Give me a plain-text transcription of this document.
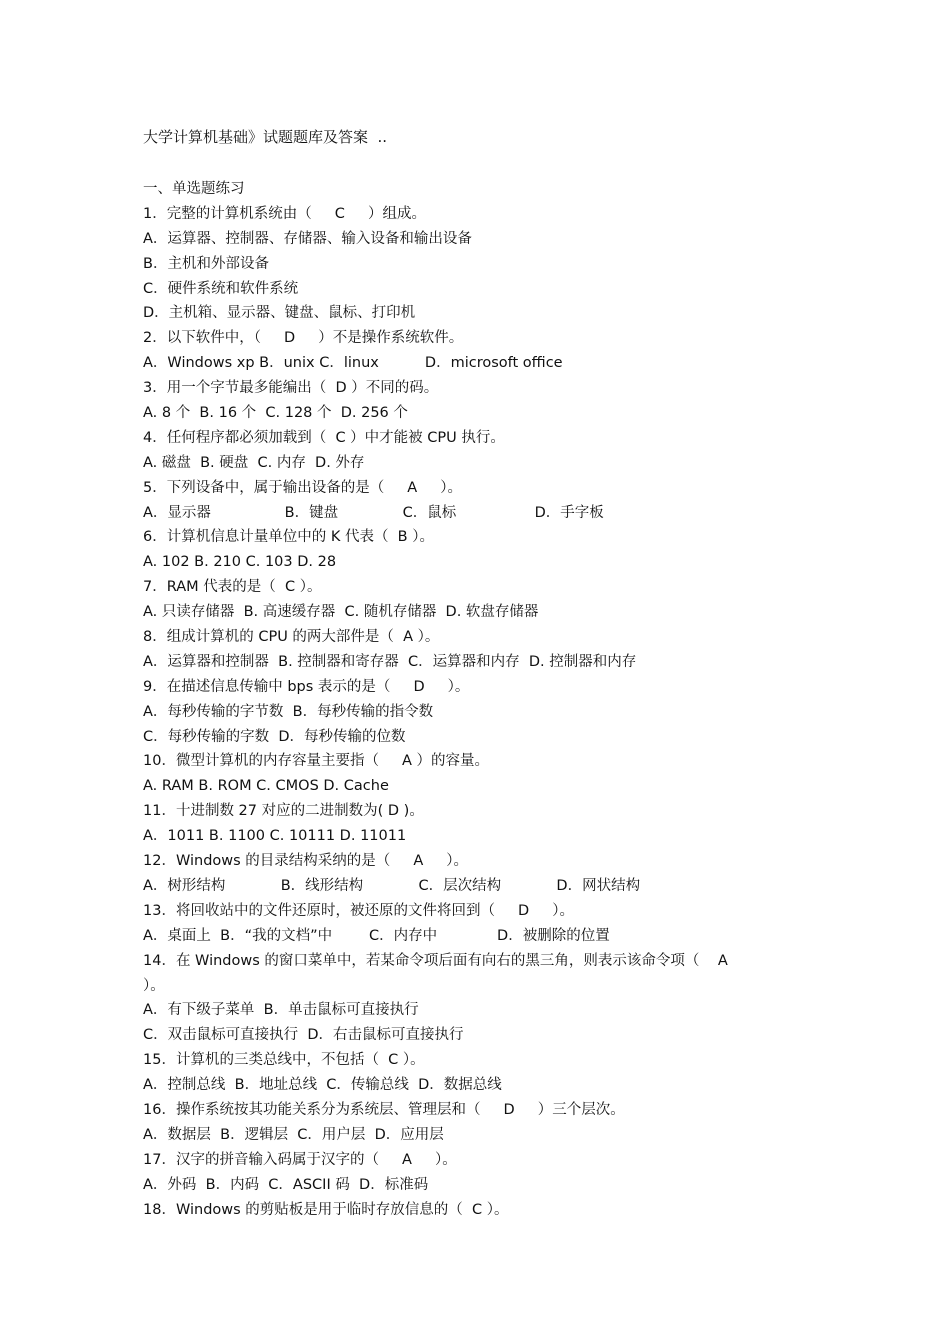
大学计算机基础》试题题库及答案  ..
一、单选题练习
1．完整的计算机系统由（     C     ）组成。
A．运算器、控制器、存储器、输入设备和输出设备
B．主机和外部设备
C．硬件系统和软件系统
D．主机箱、显示器、键盘、鼠标、打印机
2．以下软件中，（     D     ）不是操作系统软件。
A．Windows xp B．unix C．linux          D．microsoft office
3．用一个字节最多能编出（  D ）不同的码。
A. 8 个  B. 16 个  C. 128 个  D. 256 个
4．任何程序都必须加载到（  C ）中才能被 CPU 执行。
A. 磁盘  B. 硬盘  C. 内存  D. 外存
5．下列设备中，属于输出设备的是（     A     ）。
A．显示器                B．键盘              C．鼠标                 D．手字板
6．计算机信息计量单位中的 K 代表（  B ）。
A. 102 B. 210 C. 103 D. 28
7．RAM 代表的是（  C ）。
A. 只读存储器  B. 高速缓存器  C. 随机存储器  D. 软盘存储器
8．组成计算机的 CPU 的两大部件是（  A ）。
A．运算器和控制器  B. 控制器和寄存器  C．运算器和内存  D. 控制器和内存
9．在描述信息传输中 bps 表示的是（     D     ）。
A．每秒传输的字节数  B．每秒传输的指令数
C．每秒传输的字数  D．每秒传输的位数
10．微型计算机的内存容量主要指（     A ）的容量。
A. RAM B. ROM C. CMOS D. Cache
11．十进制数 27 对应的二进制数为( D )。
A．1011 B. 1100 C. 10111 D. 11011
12．Windows 的目录结构采纳的是（     A     ）。
A．树形结构            B．线形结构            C．层次结构            D．网状结构
13．将回收站中的文件还原时，被还原的文件将回到（     D     ）。
A．桌面上  B．“我的文档”中        C．内存中             D．被删除的位置
14．在 Windows 的窗口菜单中，若某命令项后面有向右的黑三角，则表示该命令项（    A
）。
A．有下级子菜单  B．单击鼠标可直接执行
C．双击鼠标可直接执行  D．右击鼠标可直接执行
15．计算机的三类总线中，不包括（  C ）。
A．控制总线  B．地址总线  C．传输总线  D．数据总线
16．操作系统按其功能关系分为系统层、管理层和（     D     ）三个层次。
A．数据层  B．逻辑层  C．用户层  D．应用层
17．汉字的拼音输入码属于汉字的（     A     ）。
A．外码  B．内码  C．ASCII 码  D．标准码
18．Windows 的剪贴板是用于临时存放信息的（  C ）。
